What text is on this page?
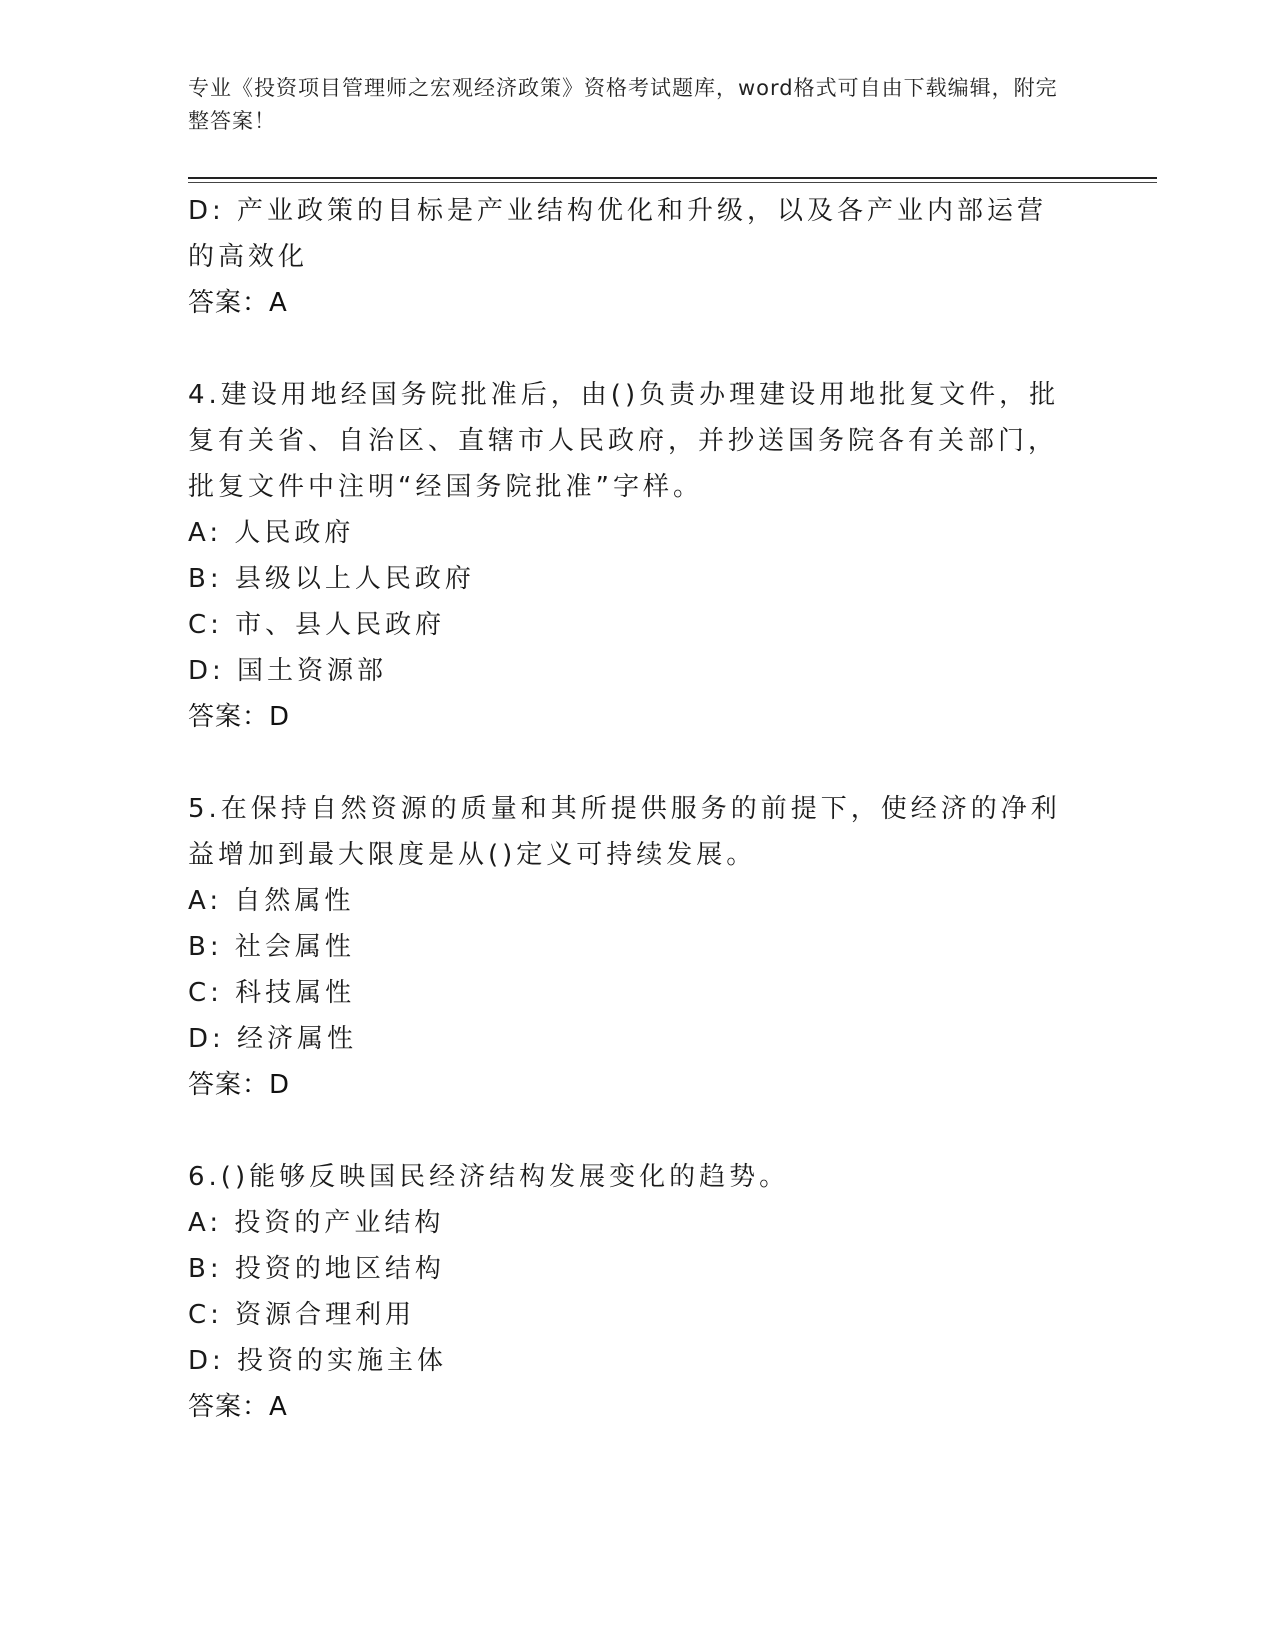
专业《投资项目管理师之宏观经济政策》资格考试题库，word格式可自由下载编辑，附完整答案！
D: 产业政策的目标是产业结构优化和升级，以及各产业内部运营的高效化
答案：A
4.建设用地经国务院批准后，由()负责办理建设用地批复文件，批复有关省、自治区、直辖市人民政府，并抄送国务院各有关部门，批复文件中注明“经国务院批准”字样。
A: 人民政府
B: 县级以上人民政府
C: 市、县人民政府
D: 国土资源部
答案：D
5.在保持自然资源的质量和其所提供服务的前提下，使经济的净利益增加到最大限度是从()定义可持续发展。
A: 自然属性
B: 社会属性
C: 科技属性
D: 经济属性
答案：D
6.()能够反映国民经济结构发展变化的趋势。
A: 投资的产业结构
B: 投资的地区结构
C: 资源合理利用
D: 投资的实施主体
答案：A
